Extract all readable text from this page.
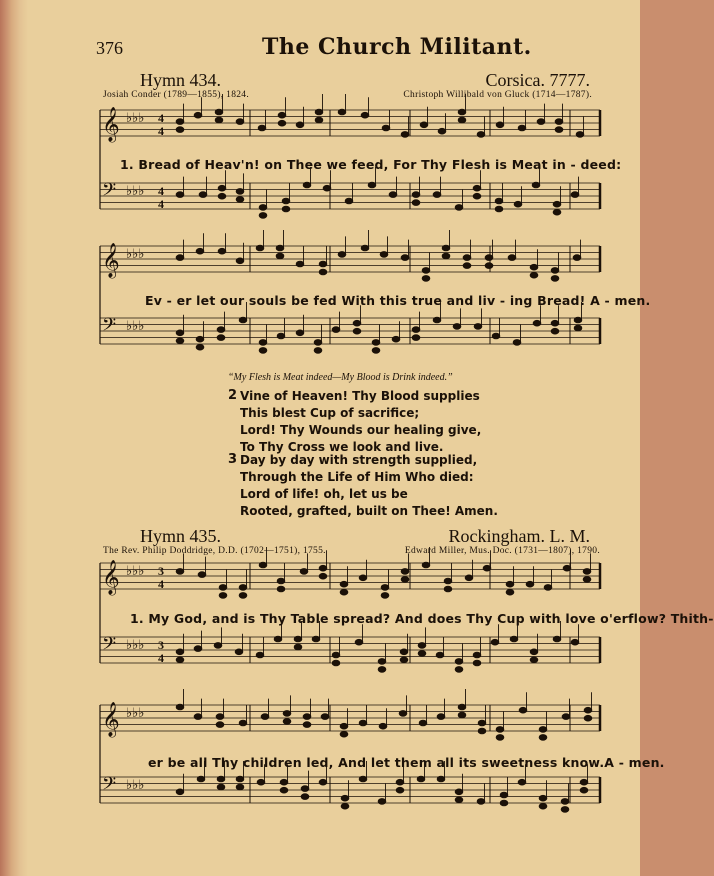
376	The Church Militant.
Hymn 434.	Corsica. 7777.
Josiah Conder (1789—1855), 1824.	Christoph Willibald von Gluck (1714—1787).
𝄞 ♭♭♭ 4
4
𝄢 ♭♭♭ 4
4
𝄞 ♭♭♭
𝄢 ♭♭♭
𝄞 ♭♭♭ 3
4
𝄢 ♭♭♭ 3
4
𝄞 ♭♭♭
𝄢 ♭♭♭
1. Bread of Heav'n! on Thee we feed, For Thy Flesh is Meat in - deed:
Ev - er let our souls be fed With this true and liv - ing Bread! A - men.
“My Flesh is Meat indeed—My Blood is Drink indeed.”
2 Vine of Heaven! Thy Blood supplies
This blest Cup of sacrifice;
Lord! Thy Wounds our healing give,
To Thy Cross we look and live.
3 Day by day with strength supplied,
Through the Life of Him Who died:
Lord of life! oh, let us be
Rooted, grafted, built on Thee! Amen.
Hymn 435.	Rockingham. L. M.
The Rev. Philip Doddridge, D.D. (1702—1751), 1755.	Edward Miller, Mus. Doc. (1731—1807), 1790.
1. My God, and is Thy Table spread? And does Thy Cup with love o'erflow? Thith-
er be all Thy children led, And let them all its sweetness know.A - men.
